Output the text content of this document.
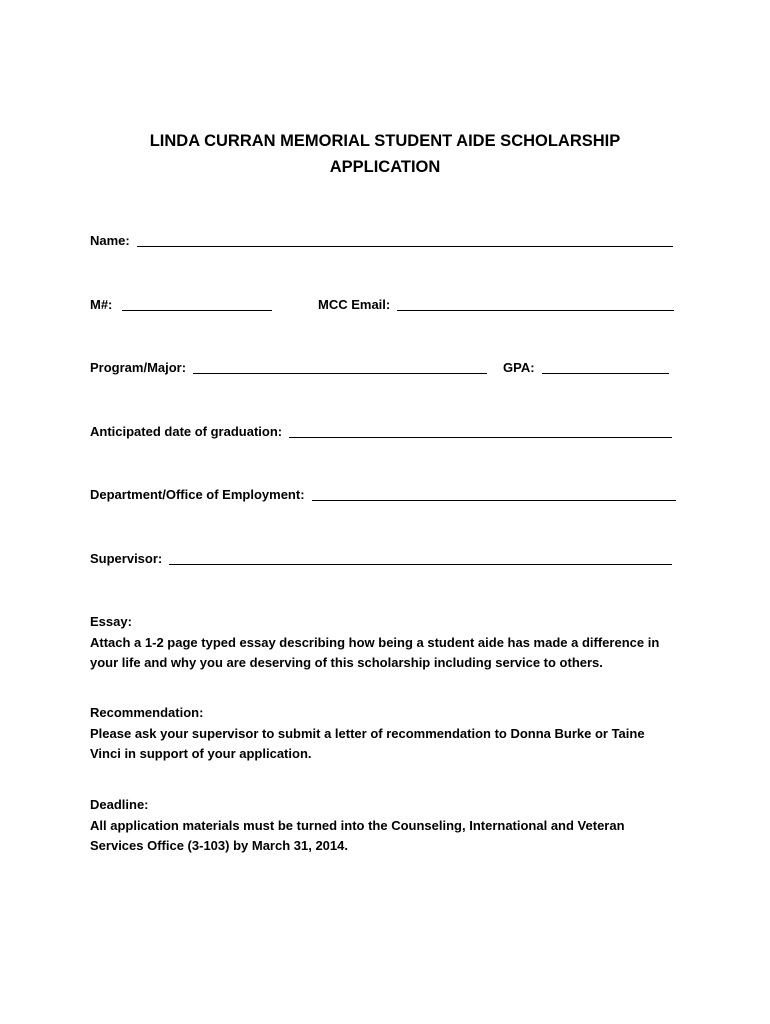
LINDA CURRAN MEMORIAL STUDENT AIDE SCHOLARSHIP
APPLICATION
Name:
M#:	MCC Email:
Program/Major:	GPA:
Anticipated date of graduation:
Department/Office of Employment:
Supervisor:
Essay:
Attach a 1-2 page typed essay describing how being a student aide has made a difference in
your life and why you are deserving of this scholarship including service to others.
Recommendation:
Please ask your supervisor to submit a letter of recommendation to Donna Burke or Taine
Vinci in support of your application.
Deadline:
All application materials must be turned into the Counseling, International and Veteran
Services Office (3-103) by March 31, 2014.
